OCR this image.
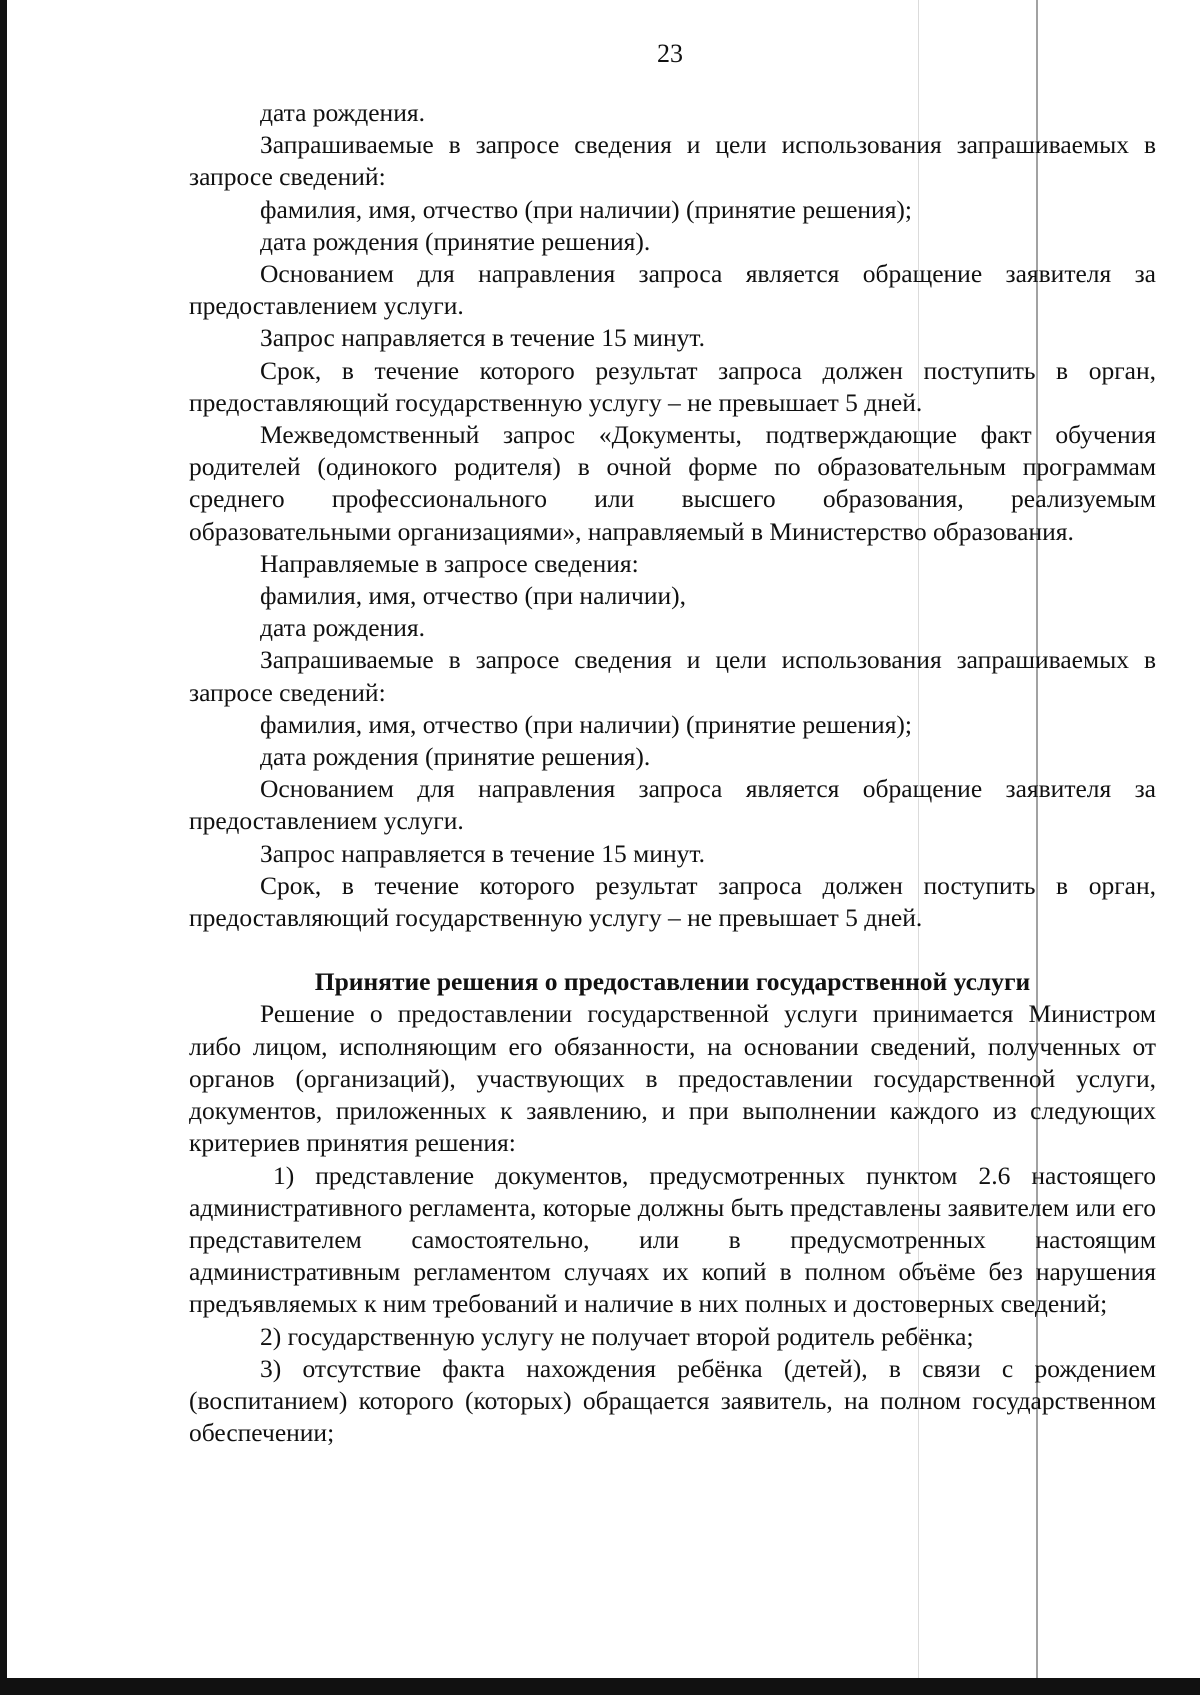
23

дата рождения.

Запрашиваемые в запросе сведения и цели использования запрашиваемых в запросе сведений:

фамилия, имя, отчество (при наличии) (принятие решения);

дата рождения (принятие решения).

Основанием для направления запроса является обращение заявителя за предоставлением услуги.

Запрос направляется в течение 15 минут.

Срок, в течение которого результат запроса должен поступить в орган, предоставляющий государственную услугу – не превышает 5 дней.

Межведомственный запрос «Документы, подтверждающие факт обучения родителей (одинокого родителя) в очной форме по образовательным программам среднего профессионального или высшего образования, реализуемым образовательными организациями», направляемый в Министерство образования.

Направляемые в запросе сведения:

фамилия, имя, отчество (при наличии),

дата рождения.

Запрашиваемые в запросе сведения и цели использования запрашиваемых в запросе сведений:

фамилия, имя, отчество (при наличии) (принятие решения);

дата рождения (принятие решения).

Основанием для направления запроса является обращение заявителя за предоставлением услуги.

Запрос направляется в течение 15 минут.

Срок, в течение которого результат запроса должен поступить в орган, предоставляющий государственную услугу – не превышает 5 дней.

Принятие решения о предоставлении государственной услуги

Решение о предоставлении государственной услуги принимается Министром либо лицом, исполняющим его обязанности, на основании сведений, полученных от органов (организаций), участвующих в предоставлении государственной услуги, документов, приложенных к заявлению, и при выполнении каждого из следующих критериев принятия решения:

1) представление документов, предусмотренных пунктом 2.6 настоящего административного регламента, которые должны быть представлены заявителем или его представителем самостоятельно, или в предусмотренных настоящим административным регламентом случаях их копий в полном объёме без нарушения предъявляемых к ним требований и наличие в них полных и достоверных сведений;

2) государственную услугу не получает второй родитель ребёнка;

3) отсутствие факта нахождения ребёнка (детей), в связи с рождением (воспитанием) которого (которых) обращается заявитель, на полном государственном обеспечении;
